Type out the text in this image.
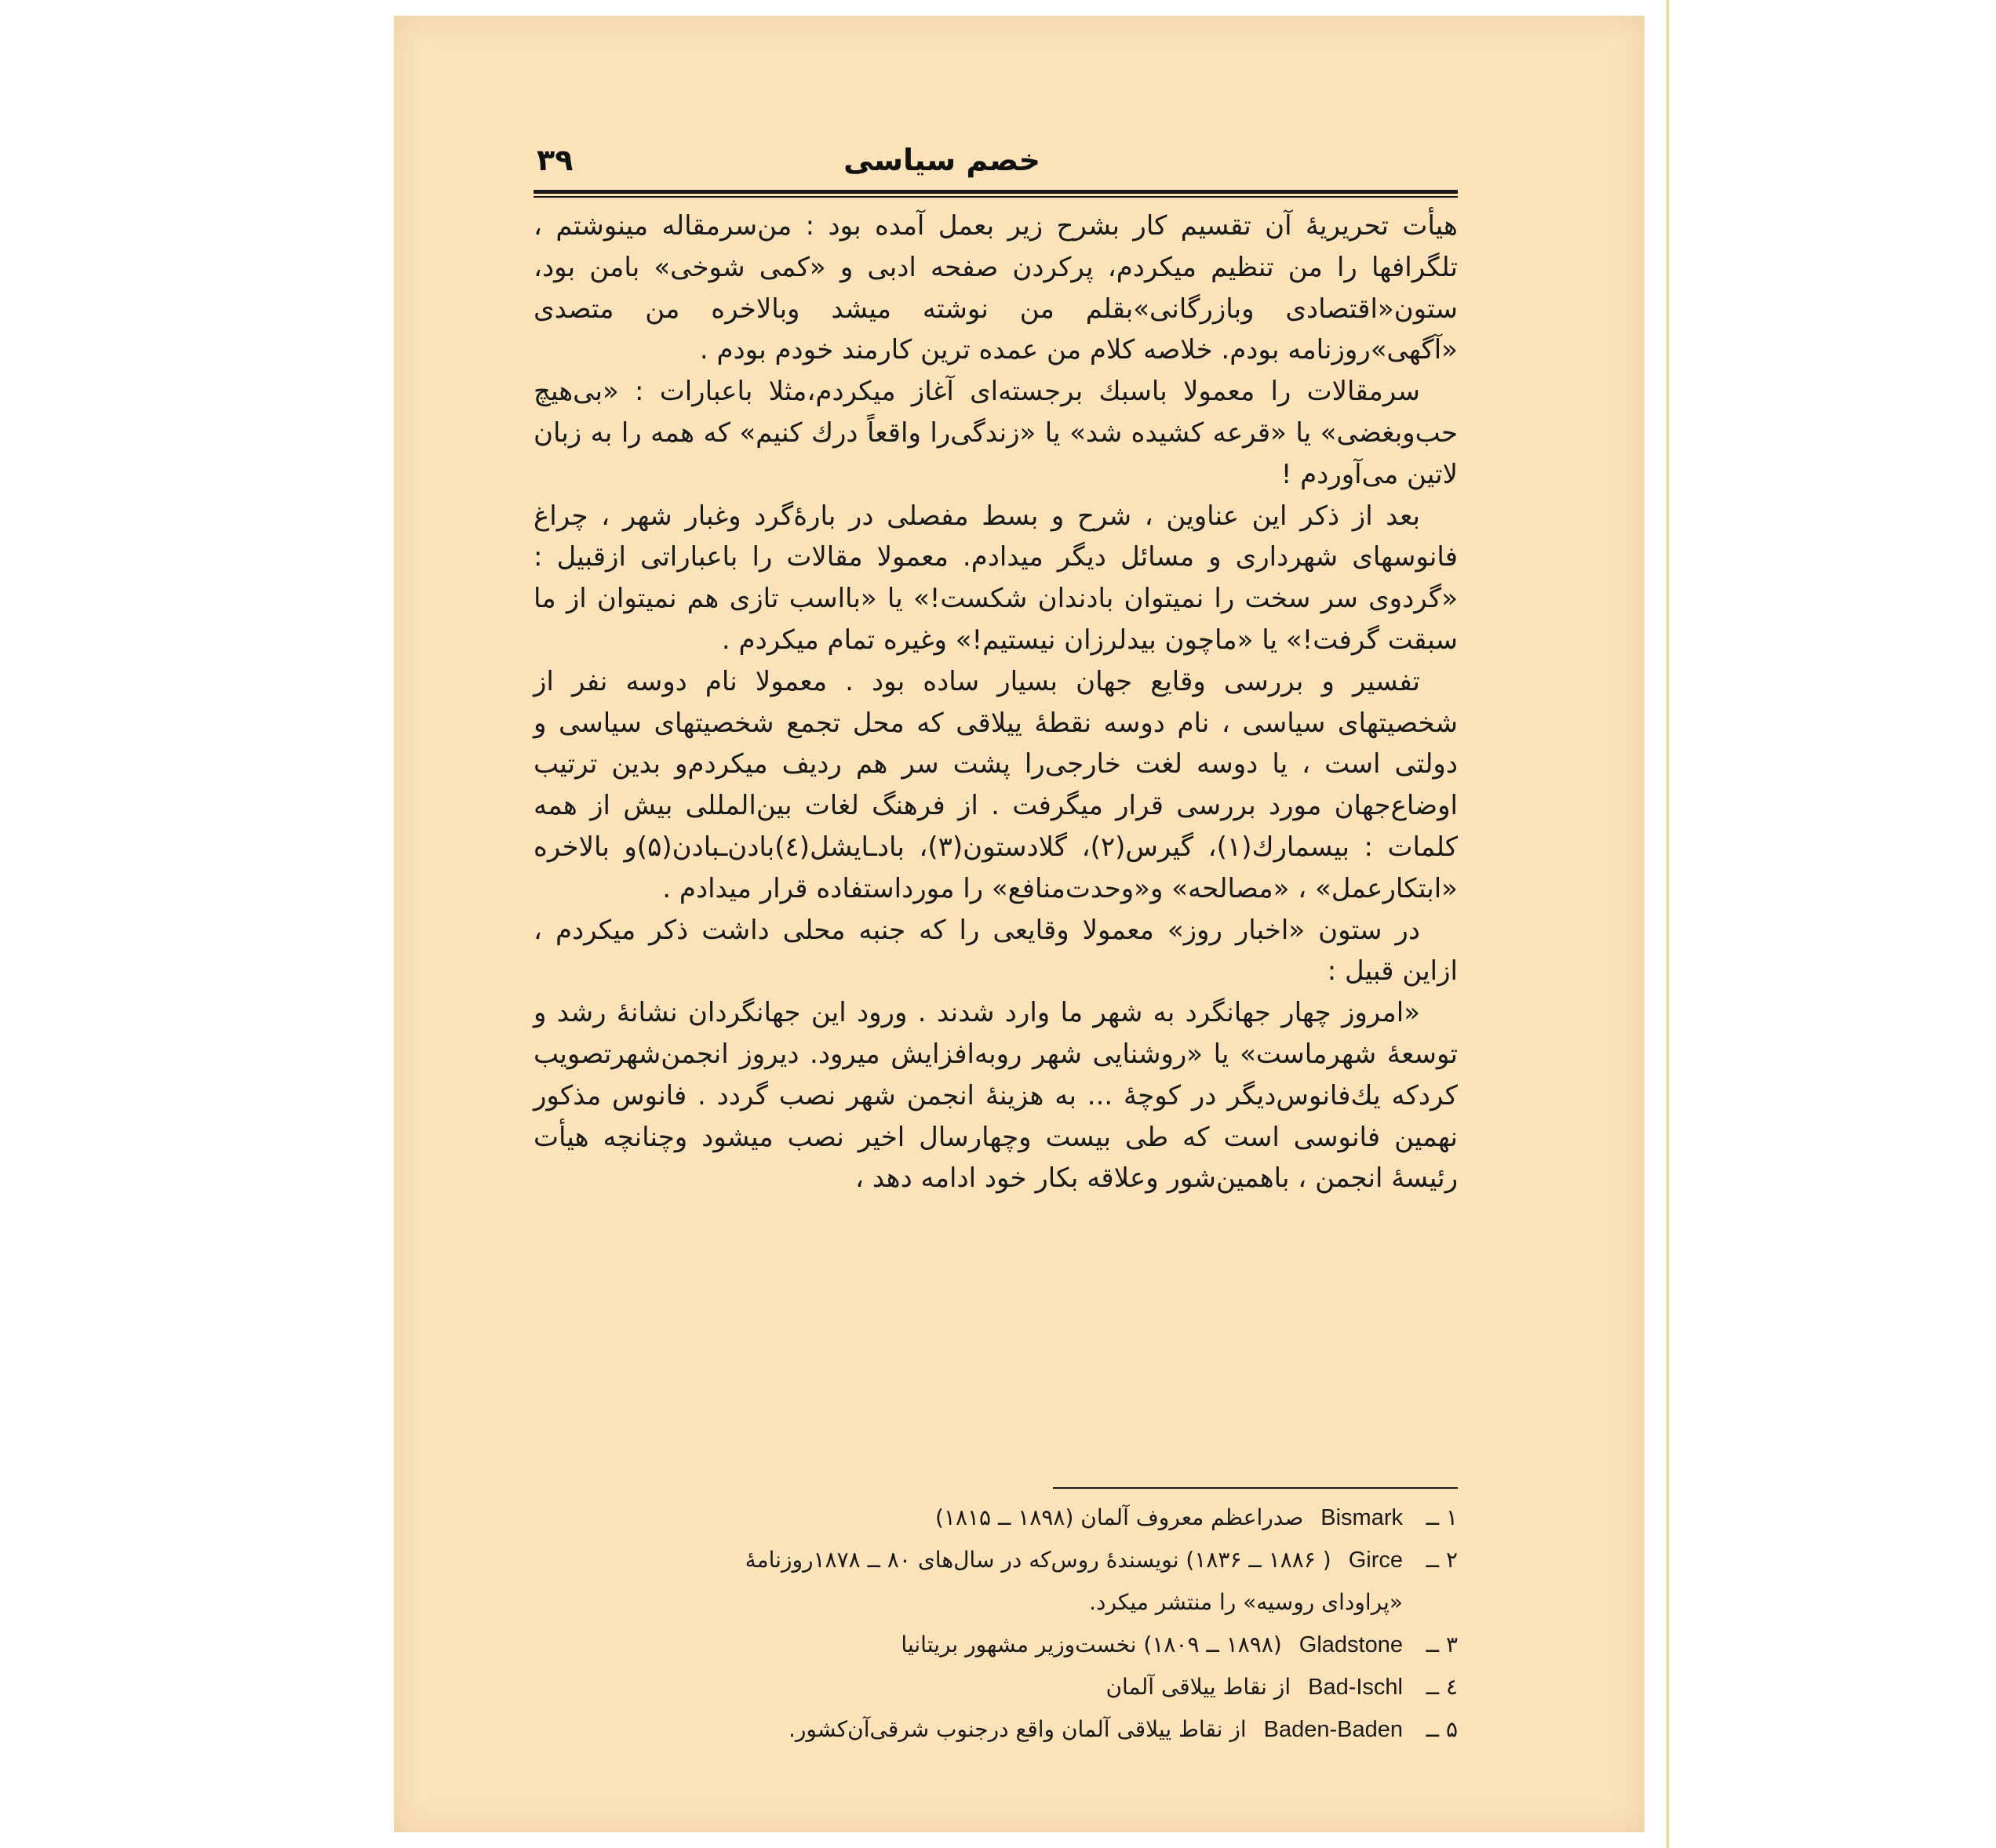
خصم سیاسی
۳۹

هیأت تحریریهٔ آن تقسیم کار بشرح زیر بعمل آمده بود : من‌سرمقاله مینوشتم ، تلگرافها را من تنظیم میکردم، پرکردن صفحه ادبی و «کمی شوخی» بامن بود، ستون«اقتصادی وبازرگانی»بقلم من نوشته میشد وبالاخره من متصدی «آگهی»روزنامه بودم. خلاصه کلام من عمده ترین کارمند خودم بودم .

سرمقالات را معمولا باسبك برجسته‌ای آغاز میکردم،مثلا باعبارات : «بی‌هیچ حب‌وبغضی» یا «قرعه کشیده شد» یا «زندگی‌را واقعاً درك کنیم» که همه را به زبان لاتین می‌آوردم !

بعد از ذکر این عناوین ، شرح و بسط مفصلی در بارهٔ‌گرد وغبار شهر ، چراغ فانوسهای شهرداری و مسائل دیگر میدادم. معمولا مقالات را باعباراتی ازقبیل : «گردوی سر سخت را نمیتوان بادندان شکست!» یا «بااسب تازی هم نمیتوان از ما سبقت گرفت!» یا «ماچون بیدلرزان نیستیم!» وغیره تمام میکردم .

تفسیر و بررسی وقایع جهان بسیار ساده بود . معمولا نام دوسه نفر از شخصیتهای سیاسی ، نام دوسه نقطهٔ ییلاقی که محل تجمع شخصیتهای سیاسی و دولتی است ، یا دوسه لغت خارجی‌را پشت سر هم ردیف میکردم‌و بدین ترتیب اوضاع‌جهان مورد بررسی قرار میگرفت . از فرهنگ لغات بین‌المللی بیش از همه کلمات : بیسمارك(۱)، گیرس(۲)، گلادستون(۳)، باد‌ـایشل(٤)بادن‌ـبادن(۵)و بالاخره «ابتکارعمل» ، «مصالحه» و«وحدت‌منافع» را مورداستفاده قرار میدادم .

در ستون «اخبار روز» معمولا وقایعی را که جنبه محلی داشت ذکر میکردم ، ازاین قبیل :

«امروز چهار جهانگرد به شهر ما وارد شدند . ورود این جهانگردان نشانهٔ رشد و توسعهٔ شهرماست» یا «روشنایی شهر روبه‌افزایش میرود. دیروز انجمن‌شهرتصویب کردکه یك‌فانوس‌دیگر در کوچهٔ ... به هزینهٔ انجمن شهر نصب گردد . فانوس مذکور نهمین فانوسی است که طی بیست وچهارسال اخیر نصب میشود وچنانچه هیأت رئیسهٔ انجمن ، باهمین‌شور وعلاقه بکار خود ادامه دهد ،

۱ ــBismarkصدراعظم معروف آلمان (۱۸۹۸ ــ ۱۸۱۵)
۲ ــGirce( ۱۸۸۶ ــ ۱۸۳۶) نویسندهٔ روس‌که در سال‌های ۸۰ ــ ۱۸۷۸روزنامهٔ
«پراودای روسیه» را منتشر میکرد.
۳ ــGladstone(۱۸۹۸ ــ ۱۸۰۹) نخست‌وزیر مشهور بریتانیا
٤ ــBad-Ischlاز نقاط ییلاقی آلمان
۵ ــBaden-Badenاز نقاط ییلاقی آلمان واقع درجنوب شرقی‌آن‌کشور.
